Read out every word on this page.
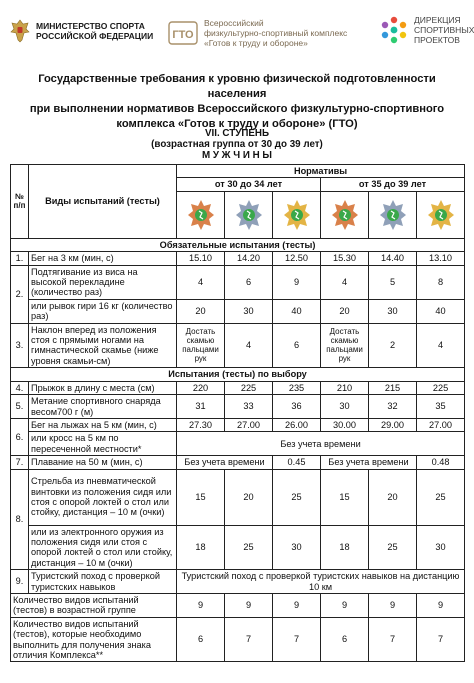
МИНИСТЕРСТВО СПОРТА
РОССИЙСКОЙ ФЕДЕРАЦИИ ГТО
Всероссийский
физкультурно-спортивный комплекс
«Готов к труду и обороне»
ДИРЕКЦИЯ
СПОРТИВНЫХ
ПРОЕКТОВ
Государственные требования к уровню физической подготовленности населения
при выполнении нормативов Всероссийского физкультурно-спортивного
комплекса «Готов к труду и обороне» (ГТО)
VII. СТУПЕНЬ
(возрастная группа от 30 до 39 лет)
М У Ж Ч И Н Ы
№ п/п	Виды испытаний (тесты)	Нормативы					
		от 30 до 34 лет			от 35 до 39 лет		

Обязательные испытания (тесты)							
1.	Бег на 3 км (мин, с)	15.10	14.20	12.50	15.30	14.40	13.10
2.	Подтягивание из виса на высокой перекладине (количество раз)	4	6	9	4	5	8
	или рывок гири 16 кг (количество раз)	20	30	40	20	30	40
3.	Наклон вперед из положения стоя с прямыми ногами на гимнастической скамье (ниже уровня скамьи-см)	Достать скамью пальцами рук	4	6	Достать скамью пальцами рук	2	4
Испытания (тесты) по выбору							
4.	Прыжок в длину с места (см)	220	225	235	210	215	225
5.	Метание спортивного снаряда весом700 г (м)	31	33	36	30	32	35
6.	Бег на лыжах на 5 км (мин, с)	27.30	27.00	26.00	30.00	29.00	27.00
	или кросс на 5 км по пересеченной местности*	Без учета времени					
7.	Плавание на 50 м (мин, с)	Без учета времени		0.45	Без учета времени		0.48
8.	Стрельба из пневматической винтовки из положения сидя или стоя с опорой локтей о стол или стойку, дистанция – 10 м (очки)	15	20	25	15	20	25
	или из электронного оружия из положения сидя или стоя с опорой локтей о стол или стойку, дистанция – 10 м (очки)	18	25	30	18	25	30
9.	Туристский поход с проверкой туристских навыков	Туристский поход с проверкой туристских навыков на дистанцию 10 км					
Количество видов испытаний (тестов) в возрастной группе		9	9	9	9	9	9
Количество видов испытаний (тестов), которые необходимо выполнить для получения знака отличия Комплекса**		6	7	7	6	7	7
